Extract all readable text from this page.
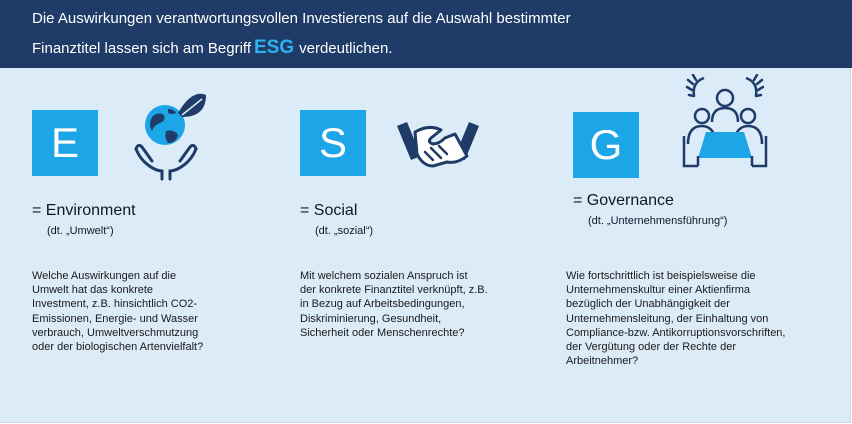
Die Auswirkungen verantwortungsvollen Investierens auf die Auswahl bestimmter
Finanztitel lassen sich am Begriff ESG verdeutlichen.
E
= Environment
(dt. „Umwelt“)
Welche Auswirkungen auf die
Umwelt hat das konkrete
Investment, z.B. hinsichtlich CO2-
Emissionen, Energie- und Wasser
verbrauch, Umweltverschmutzung
oder der biologischen Artenvielfalt?
S
= Social
(dt. „sozial“)
Mit welchem sozialen Anspruch ist
der konkrete Finanztitel verknüpft, z.B.
in Bezug auf Arbeitsbedingungen,
Diskriminierung, Gesundheit,
Sicherheit oder Menschenrechte?
G
= Governance
(dt. „Unternehmensführung“)
Wie fortschrittlich ist beispielsweise die
Unternehmenskultur einer Aktienfirma
bezüglich der Unabhängigkeit der
Unternehmensleitung, der Einhaltung von
Compliance-bzw. Antikorruptionsvorschriften,
der Vergütung oder der Rechte der
Arbeitnehmer?
